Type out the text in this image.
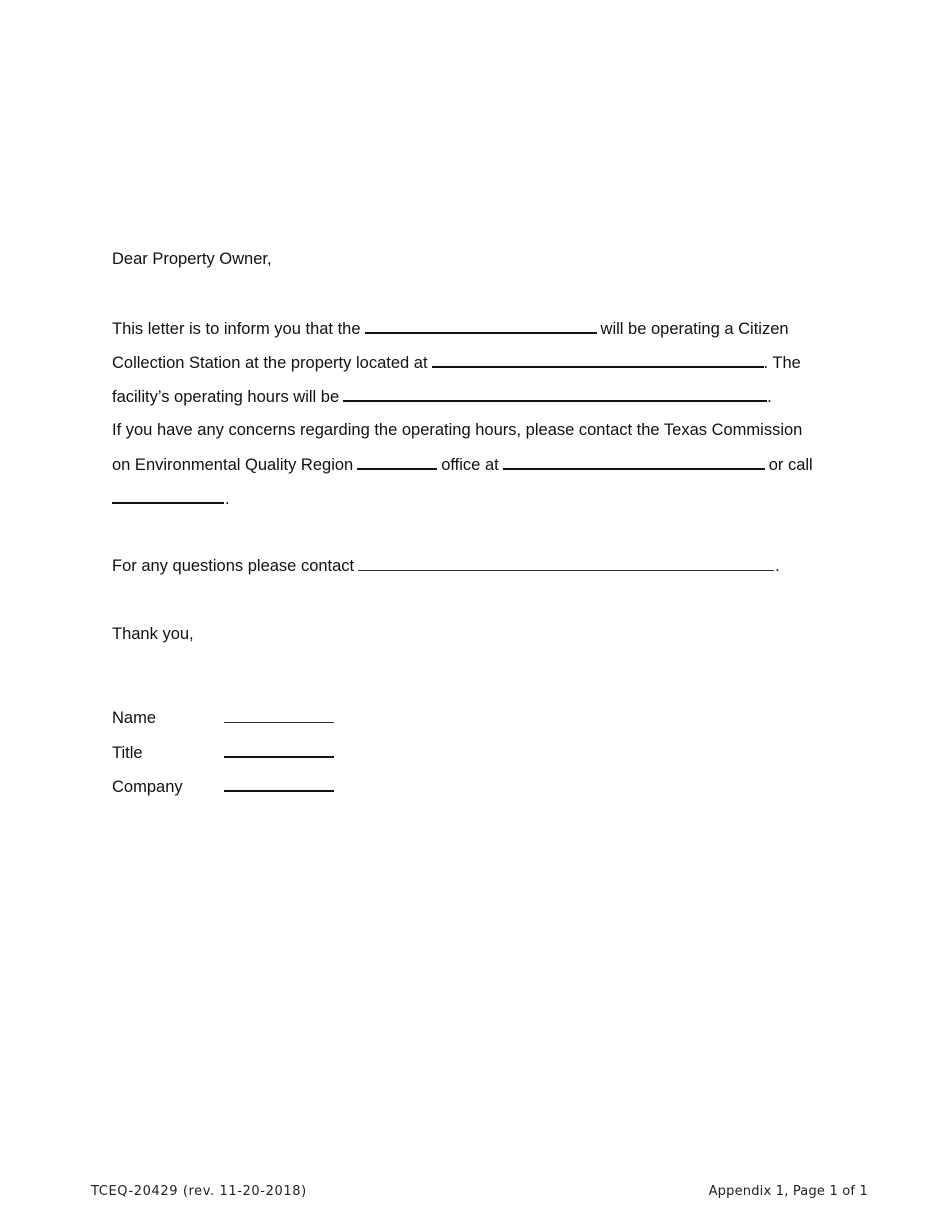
Dear Property Owner,
This letter is to inform you that the	will be operating a Citizen
Collection Station at the property located at	. The
facility’s operating hours will be	.
If you have any concerns regarding the operating hours, please contact the Texas Commission
on Environmental Quality Region	office at	or call
.
For any questions please contact	.
Thank you,
Name
Title
Company
TCEQ-20429 (rev. 11-20-2018)	Appendix 1, Page 1 of 1
